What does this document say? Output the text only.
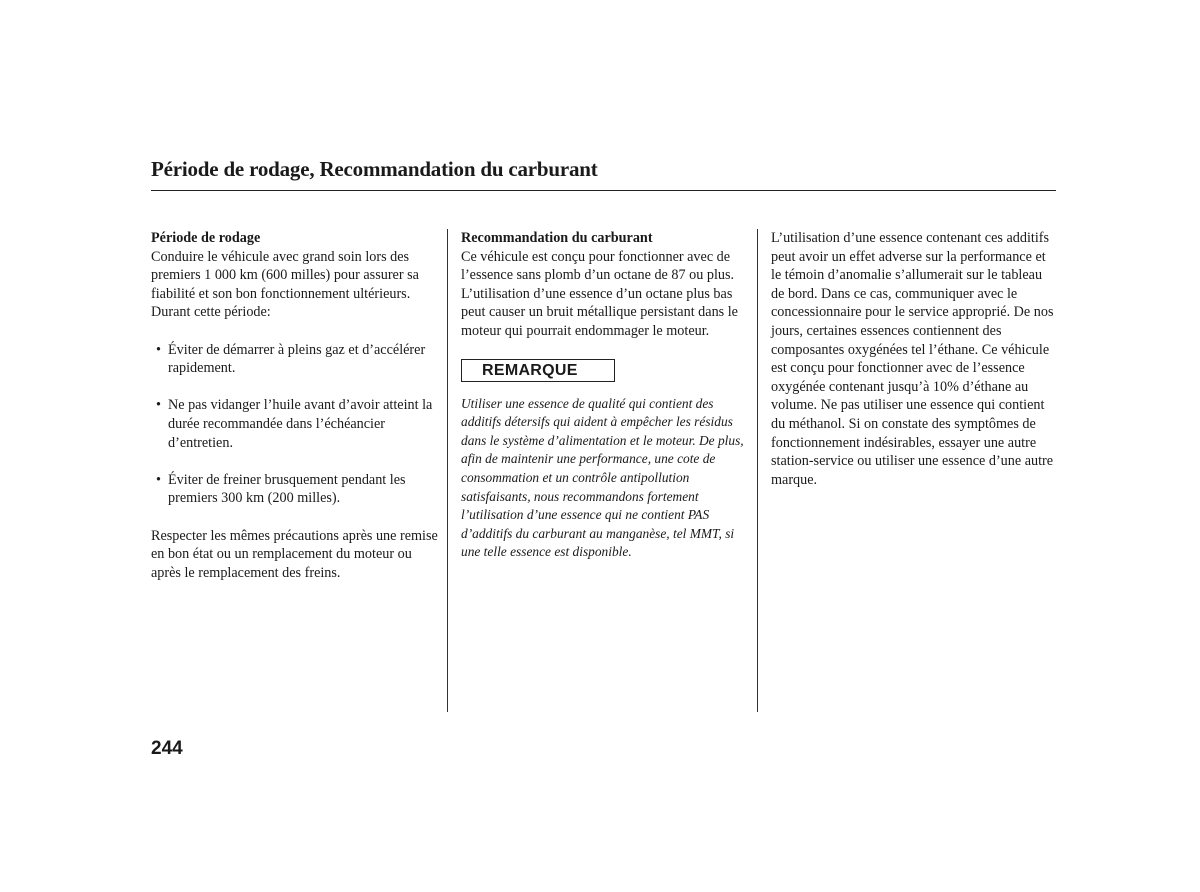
Période de rodage, Recommandation du carburant
Période de rodage

Conduire le véhicule avec grand soin lors des premiers 1 000 km (600 milles) pour assurer sa fiabilité et son bon fonctionnement ultérieurs.

Durant cette période:

• Éviter de démarrer à pleins gaz et d’accélérer rapidement.
• Ne pas vidanger l’huile avant d’avoir atteint la durée recommandée dans l’échéancier d’entretien.
• Éviter de freiner brusquement pendant les premiers 300 km (200 milles).

Respecter les mêmes précautions après une remise en bon état ou un remplacement du moteur ou après le remplacement des freins.

Recommandation du carburant

Ce véhicule est conçu pour fonctionner avec de l’essence sans plomb d’un octane de 87 ou plus. L’utilisation d’une essence d’un octane plus bas peut causer un bruit métallique persistant dans le moteur qui pourrait endommager le moteur.

REMARQUE

Utiliser une essence de qualité qui contient des additifs détersifs qui aident à empêcher les résidus dans le système d’alimentation et le moteur. De plus, afin de maintenir une performance, une cote de consommation et un contrôle antipollution satisfaisants, nous recommandons fortement l’utilisation d’une essence qui ne contient PAS d’additifs du carburant au manganèse, tel MMT, si une telle essence est disponible.

L’utilisation d’une essence contenant ces additifs peut avoir un effet adverse sur la performance et le témoin d’anomalie s’allumerait sur le tableau de bord. Dans ce cas, communiquer avec le concessionnaire pour le service approprié. De nos jours, certaines essences contiennent des composantes oxygénées tel l’éthane. Ce véhicule est conçu pour fonctionner avec de l’essence oxygénée contenant jusqu’à 10% d’éthane au volume. Ne pas utiliser une essence qui contient du méthanol. Si on constate des symptômes de fonctionnement indésirables, essayer une autre station-service ou utiliser une essence d’une autre marque.

244
